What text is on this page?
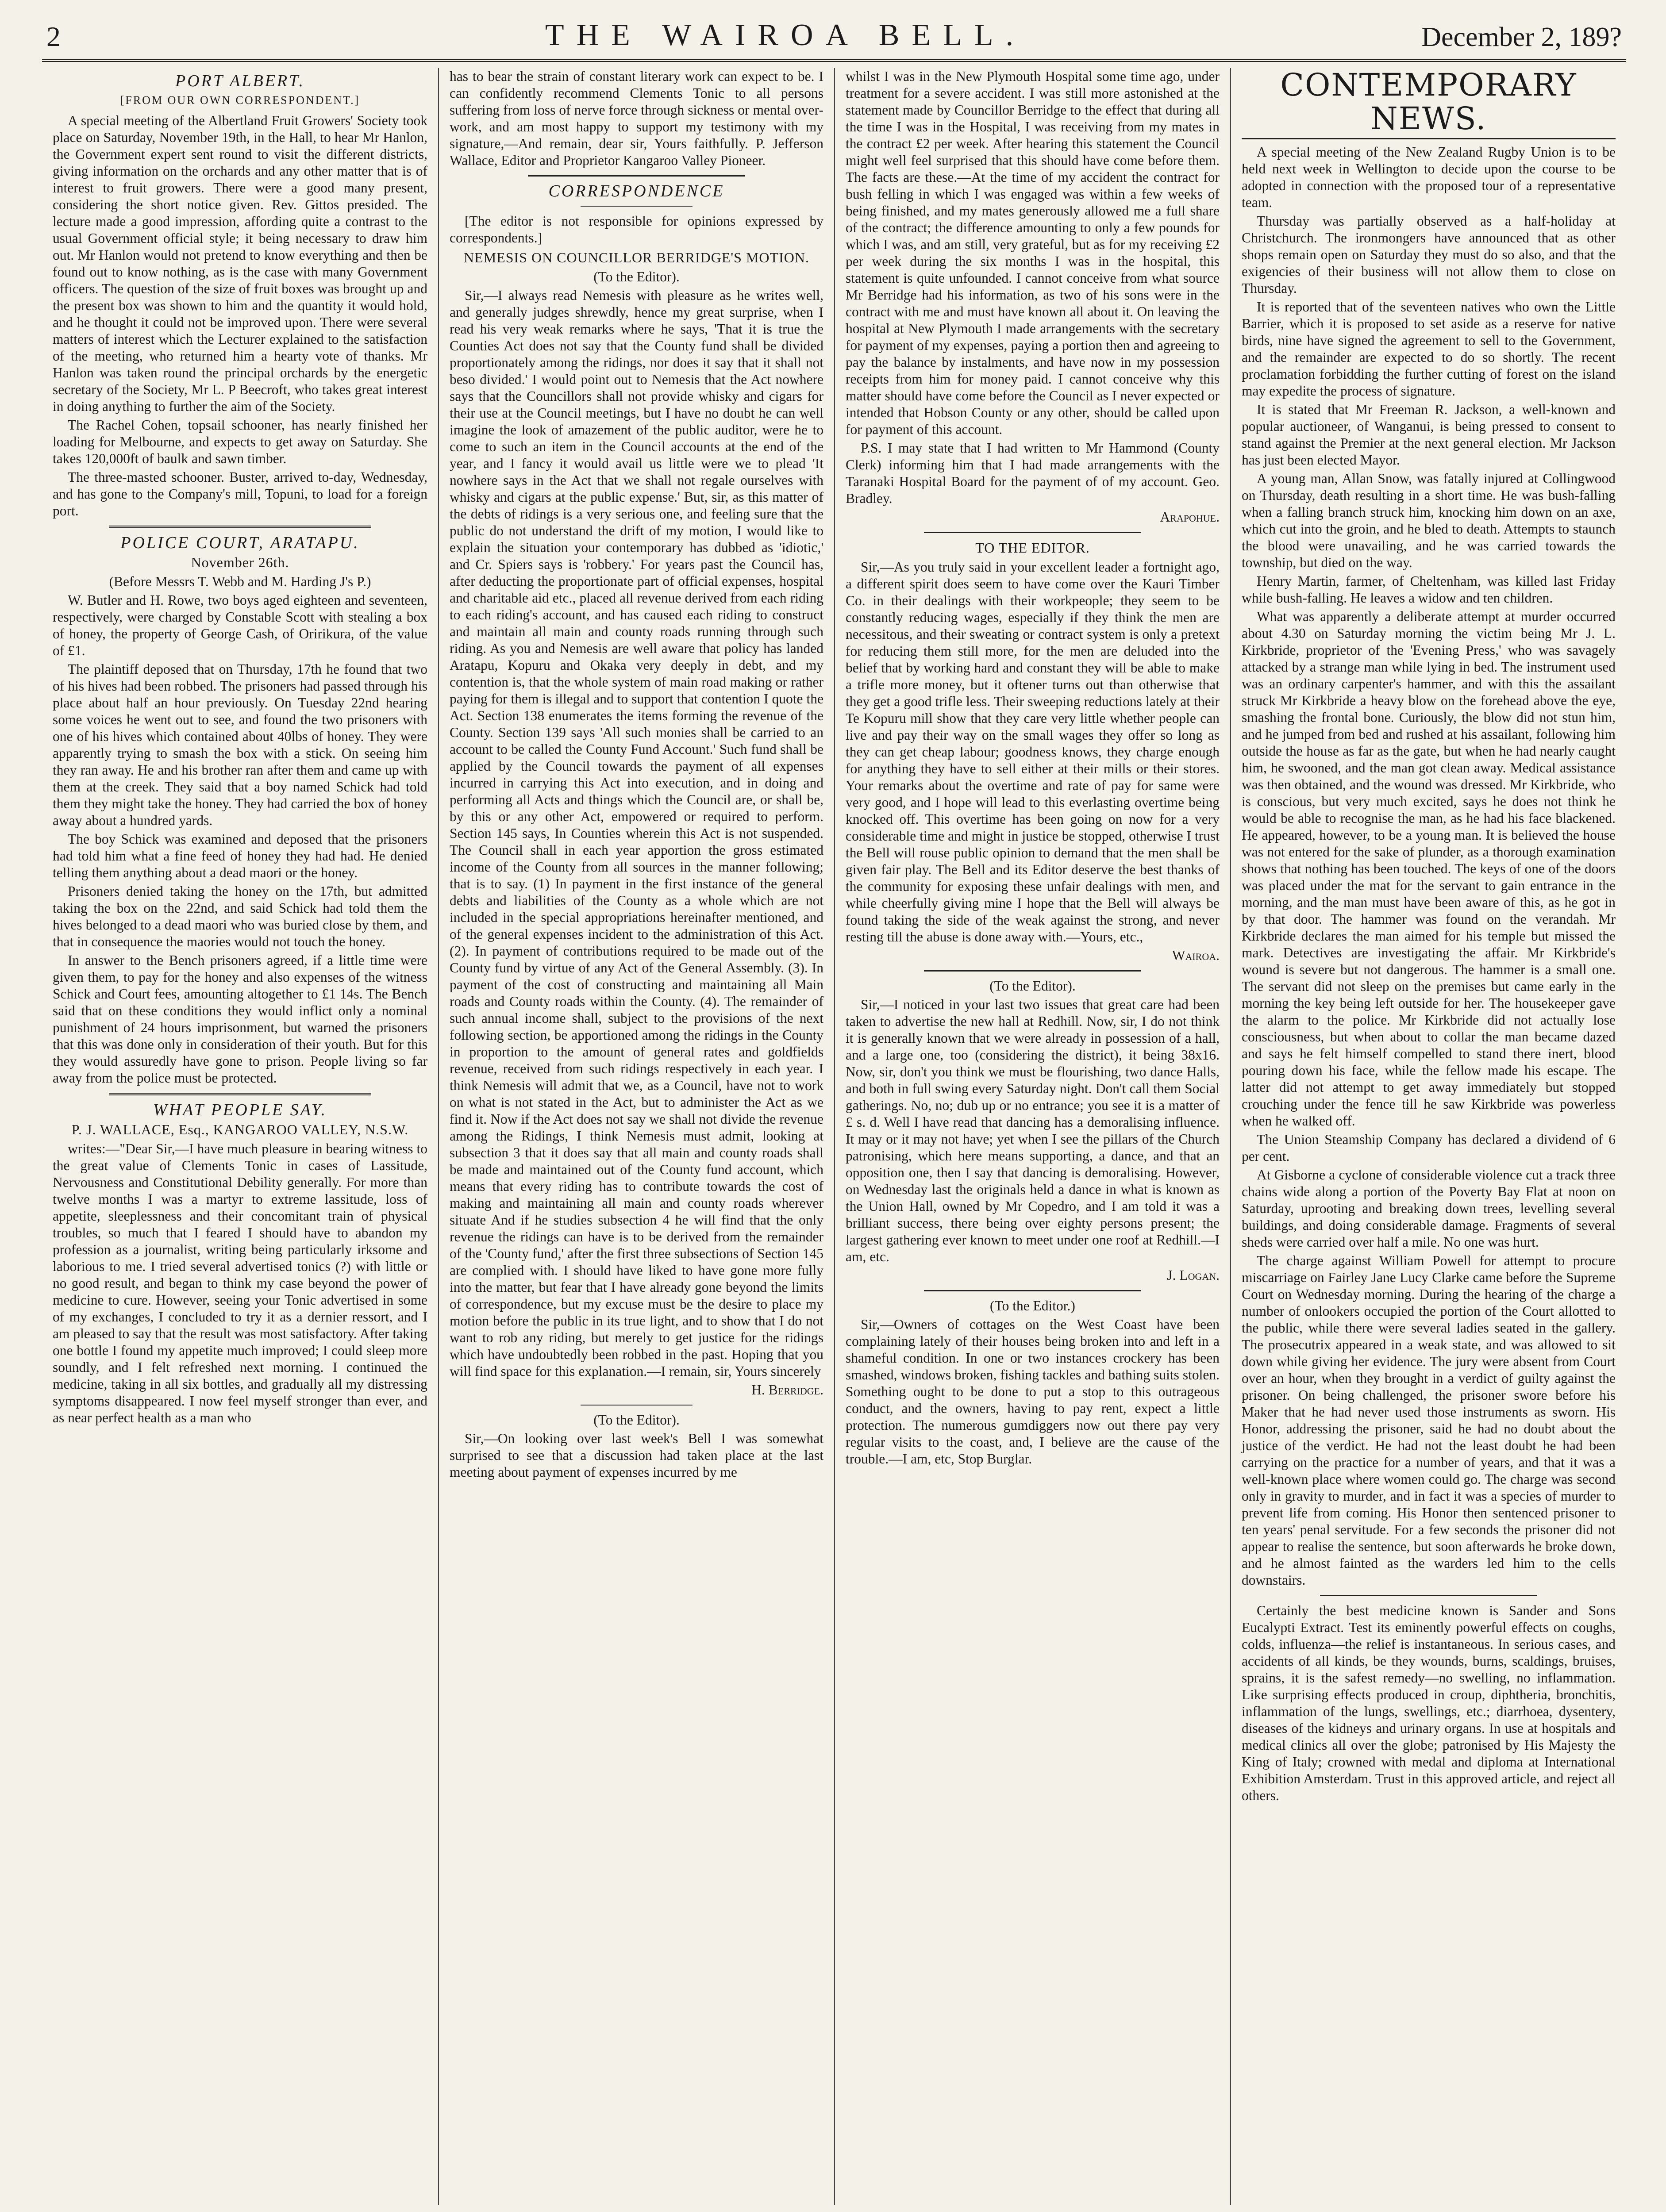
2	THE WAIROA BELL.	December 2, 189?
PORT ALBERT.
[FROM OUR OWN CORRESPONDENT.]

A special meeting of the Albertland Fruit Growers' Society took place on Saturday, November 19th, in the Hall, to hear Mr Hanlon, the Government expert sent round to visit the different districts, giving information on the orchards and any other matter that is of interest to fruit growers. There were a good many present, considering the short notice given. Rev. Gittos presided. The lecture made a good impression, affording quite a contrast to the usual Government official style; it being necessary to draw him out. Mr Hanlon would not pretend to know everything and then be found out to know nothing, as is the case with many Government officers. The question of the size of fruit boxes was brought up and the present box was shown to him and the quantity it would hold, and he thought it could not be improved upon. There were several matters of interest which the Lecturer explained to the satisfaction of the meeting, who returned him a hearty vote of thanks. Mr Hanlon was taken round the principal orchards by the energetic secretary of the Society, Mr L. P Beecroft, who takes great interest in doing anything to further the aim of the Society.

The Rachel Cohen, topsail schooner, has nearly finished her loading for Melbourne, and expects to get away on Saturday. She takes 120,000ft of baulk and sawn timber.

The three-masted schooner. Buster, arrived to-day, Wednesday, and has gone to the Company's mill, Topuni, to load for a foreign port.

POLICE COURT, ARATAPU.
November 26th.

(Before Messrs T. Webb and M. Harding J's P.)

W. Butler and H. Rowe, two boys aged eighteen and seventeen, respectively, were charged by Constable Scott with stealing a box of honey, the property of George Cash, of Oririkura, of the value of £1.

The plaintiff deposed that on Thursday, 17th he found that two of his hives had been robbed. The prisoners had passed through his place about half an hour previously. On Tuesday 22nd hearing some voices he went out to see, and found the two prisoners with one of his hives which contained about 40lbs of honey. They were apparently trying to smash the box with a stick. On seeing him they ran away. He and his brother ran after them and came up with them at the creek. They said that a boy named Schick had told them they might take the honey. They had carried the box of honey away about a hundred yards.

The boy Schick was examined and deposed that the prisoners had told him what a fine feed of honey they had had. He denied telling them anything about a dead maori or the honey.

Prisoners denied taking the honey on the 17th, but admitted taking the box on the 22nd, and said Schick had told them the hives belonged to a dead maori who was buried close by them, and that in consequence the maories would not touch the honey.

In answer to the Bench prisoners agreed, if a little time were given them, to pay for the honey and also expenses of the witness Schick and Court fees, amounting altogether to £1 14s. The Bench said that on these conditions they would inflict only a nominal punishment of 24 hours imprisonment, but warned the prisoners that this was done only in consideration of their youth. But for this they would assuredly have gone to prison. People living so far away from the police must be protected.

WHAT PEOPLE SAY.
P. J. WALLACE, Esq., KANGAROO VALLEY, N.S.W.

writes:—"Dear Sir,—I have much pleasure in bearing witness to the great value of Clements Tonic in cases of Lassitude, Nervousness and Constitutional Debility generally. For more than twelve months I was a martyr to extreme lassitude, loss of appetite, sleeplessness and their concomitant train of physical troubles, so much that I feared I should have to abandon my profession as a journalist, writing being particularly irksome and laborious to me. I tried several advertised tonics (?) with little or no good result, and began to think my case beyond the power of medicine to cure. However, seeing your Tonic advertised in some of my exchanges, I concluded to try it as a dernier ressort, and I am pleased to say that the result was most satisfactory. After taking one bottle I found my appetite much improved; I could sleep more soundly, and I felt refreshed next morning. I continued the medicine, taking in all six bottles, and gradually all my distressing symptoms disappeared. I now feel myself stronger than ever, and as near perfect health as a man who

has to bear the strain of constant literary work can expect to be. I can confidently recommend Clements Tonic to all persons suffering from loss of nerve force through sickness or mental over-work, and am most happy to support my testimony with my signature,—And remain, dear sir, Yours faithfully. P. Jefferson Wallace, Editor and Proprietor Kangaroo Valley Pioneer.

CORRESPONDENCE

[The editor is not responsible for opinions expressed by correspondents.]

NEMESIS ON COUNCILLOR BERRIDGE'S MOTION.

(To the Editor).

Sir,—I always read Nemesis with pleasure as he writes well, and generally judges shrewdly, hence my great surprise, when I read his very weak remarks where he says, 'That it is true the Counties Act does not say that the County fund shall be divided proportionately among the ridings, nor does it say that it shall not beso divided.' I would point out to Nemesis that the Act nowhere says that the Councillors shall not provide whisky and cigars for their use at the Council meetings, but I have no doubt he can well imagine the look of amazement of the public auditor, were he to come to such an item in the Council accounts at the end of the year, and I fancy it would avail us little were we to plead 'It nowhere says in the Act that we shall not regale ourselves with whisky and cigars at the public expense.' But, sir, as this matter of the debts of ridings is a very serious one, and feeling sure that the public do not understand the drift of my motion, I would like to explain the situation your contemporary has dubbed as 'idiotic,' and Cr. Spiers says is 'robbery.' For years past the Council has, after deducting the proportionate part of official expenses, hospital and charitable aid etc., placed all revenue derived from each riding to each riding's account, and has caused each riding to construct and maintain all main and county roads running through such riding. As you and Nemesis are well aware that policy has landed Aratapu, Kopuru and Okaka very deeply in debt, and my contention is, that the whole system of main road making or rather paying for them is illegal and to support that contention I quote the Act. Section 138 enumerates the items forming the revenue of the County. Section 139 says 'All such monies shall be carried to an account to be called the County Fund Account.' Such fund shall be applied by the Council towards the payment of all expenses incurred in carrying this Act into execution, and in doing and performing all Acts and things which the Council are, or shall be, by this or any other Act, empowered or required to perform. Section 145 says, In Counties wherein this Act is not suspended. The Council shall in each year apportion the gross estimated income of the County from all sources in the manner following; that is to say. (1) In payment in the first instance of the general debts and liabilities of the County as a whole which are not included in the special appropriations hereinafter mentioned, and of the general expenses incident to the administration of this Act. (2). In payment of contributions required to be made out of the County fund by virtue of any Act of the General Assembly. (3). In payment of the cost of constructing and maintaining all Main roads and County roads within the County. (4). The remainder of such annual income shall, subject to the provisions of the next following section, be apportioned among the ridings in the County in proportion to the amount of general rates and goldfields revenue, received from such ridings respectively in each year. I think Nemesis will admit that we, as a Council, have not to work on what is not stated in the Act, but to administer the Act as we find it. Now if the Act does not say we shall not divide the revenue among the Ridings, I think Nemesis must admit, looking at subsection 3 that it does say that all main and county roads shall be made and maintained out of the County fund account, which means that every riding has to contribute towards the cost of making and maintaining all main and county roads wherever situate And if he studies subsection 4 he will find that the only revenue the ridings can have is to be derived from the remainder of the 'County fund,' after the first three subsections of Section 145 are complied with. I should have liked to have gone more fully into the matter, but fear that I have already gone beyond the limits of correspondence, but my excuse must be the desire to place my motion before the public in its true light, and to show that I do not want to rob any riding, but merely to get justice for the ridings which have undoubtedly been robbed in the past. Hoping that you will find space for this explanation.—I remain, sir, Yours sincerely

H. Berridge.

(To the Editor).

Sir,—On looking over last week's Bell I was somewhat surprised to see that a discussion had taken place at the last meeting about payment of expenses incurred by me

whilst I was in the New Plymouth Hospital some time ago, under treatment for a severe accident. I was still more astonished at the statement made by Councillor Berridge to the effect that during all the time I was in the Hospital, I was receiving from my mates in the contract £2 per week. After hearing this statement the Council might well feel surprised that this should have come before them. The facts are these.—At the time of my accident the contract for bush felling in which I was engaged was within a few weeks of being finished, and my mates generously allowed me a full share of the contract; the difference amounting to only a few pounds for which I was, and am still, very grateful, but as for my receiving £2 per week during the six months I was in the hospital, this statement is quite unfounded. I cannot conceive from what source Mr Berridge had his information, as two of his sons were in the contract with me and must have known all about it. On leaving the hospital at New Plymouth I made arrangements with the secretary for payment of my expenses, paying a portion then and agreeing to pay the balance by instalments, and have now in my possession receipts from him for money paid. I cannot conceive why this matter should have come before the Council as I never expected or intended that Hobson County or any other, should be called upon for payment of this account.

P.S. I may state that I had written to Mr Hammond (County Clerk) informing him that I had made arrangements with the Taranaki Hospital Board for the payment of of my account. Geo. Bradley.

Arapohue.
TO THE EDITOR.

Sir,—As you truly said in your excellent leader a fortnight ago, a different spirit does seem to have come over the Kauri Timber Co. in their dealings with their workpeople; they seem to be constantly reducing wages, especially if they think the men are necessitous, and their sweating or contract system is only a pretext for reducing them still more, for the men are deluded into the belief that by working hard and constant they will be able to make a trifle more money, but it oftener turns out than otherwise that they get a good trifle less. Their sweeping reductions lately at their Te Kopuru mill show that they care very little whether people can live and pay their way on the small wages they offer so long as they can get cheap labour; goodness knows, they charge enough for anything they have to sell either at their mills or their stores. Your remarks about the overtime and rate of pay for same were very good, and I hope will lead to this everlasting overtime being knocked off. This overtime has been going on now for a very considerable time and might in justice be stopped, otherwise I trust the Bell will rouse public opinion to demand that the men shall be given fair play. The Bell and its Editor deserve the best thanks of the community for exposing these unfair dealings with men, and while cheerfully giving mine I hope that the Bell will always be found taking the side of the weak against the strong, and never resting till the abuse is done away with.—Yours, etc.,

Wairoa.

(To the Editor).

Sir,—I noticed in your last two issues that great care had been taken to advertise the new hall at Redhill. Now, sir, I do not think it is generally known that we were already in possession of a hall, and a large one, too (considering the district), it being 38x16. Now, sir, don't you think we must be flourishing, two dance Halls, and both in full swing every Saturday night. Don't call them Social gatherings. No, no; dub up or no entrance; you see it is a matter of £ s. d. Well I have read that dancing has a demoralising influence. It may or it may not have; yet when I see the pillars of the Church patronising, which here means supporting, a dance, and that an opposition one, then I say that dancing is demoralising. However, on Wednesday last the originals held a dance in what is known as the Union Hall, owned by Mr Copedro, and I am told it was a brilliant success, there being over eighty persons present; the largest gathering ever known to meet under one roof at Redhill.—I am, etc.

J. Logan.

(To the Editor.)

Sir,—Owners of cottages on the West Coast have been complaining lately of their houses being broken into and left in a shameful condition. In one or two instances crockery has been smashed, windows broken, fishing tackles and bathing suits stolen. Something ought to be done to put a stop to this outrageous conduct, and the owners, having to pay rent, expect a little protection. The numerous gumdiggers now out there pay very regular visits to the coast, and, I believe are the cause of the trouble.—I am, etc, Stop Burglar.

CONTEMPORARY NEWS.

A special meeting of the New Zealand Rugby Union is to be held next week in Wellington to decide upon the course to be adopted in connection with the proposed tour of a representative team.

Thursday was partially observed as a half-holiday at Christchurch. The ironmongers have announced that as other shops remain open on Saturday they must do so also, and that the exigencies of their business will not allow them to close on Thursday.

It is reported that of the seventeen natives who own the Little Barrier, which it is proposed to set aside as a reserve for native birds, nine have signed the agreement to sell to the Government, and the remainder are expected to do so shortly. The recent proclamation forbidding the further cutting of forest on the island may expedite the process of signature.

It is stated that Mr Freeman R. Jackson, a well-known and popular auctioneer, of Wanganui, is being pressed to consent to stand against the Premier at the next general election. Mr Jackson has just been elected Mayor.

A young man, Allan Snow, was fatally injured at Collingwood on Thursday, death resulting in a short time. He was bush-falling when a falling branch struck him, knocking him down on an axe, which cut into the groin, and he bled to death. Attempts to staunch the blood were unavailing, and he was carried towards the township, but died on the way.

Henry Martin, farmer, of Cheltenham, was killed last Friday while bush-falling. He leaves a widow and ten children.

What was apparently a deliberate attempt at murder occurred about 4.30 on Saturday morning the victim being Mr J. L. Kirkbride, proprietor of the 'Evening Press,' who was savagely attacked by a strange man while lying in bed. The instrument used was an ordinary carpenter's hammer, and with this the assailant struck Mr Kirkbride a heavy blow on the forehead above the eye, smashing the frontal bone. Curiously, the blow did not stun him, and he jumped from bed and rushed at his assailant, following him outside the house as far as the gate, but when he had nearly caught him, he swooned, and the man got clean away. Medical assistance was then obtained, and the wound was dressed. Mr Kirkbride, who is conscious, but very much excited, says he does not think he would be able to recognise the man, as he had his face blackened. He appeared, however, to be a young man. It is believed the house was not entered for the sake of plunder, as a thorough examination shows that nothing has been touched. The keys of one of the doors was placed under the mat for the servant to gain entrance in the morning, and the man must have been aware of this, as he got in by that door. The hammer was found on the verandah. Mr Kirkbride declares the man aimed for his temple but missed the mark. Detectives are investigating the affair. Mr Kirkbride's wound is severe but not dangerous. The hammer is a small one. The servant did not sleep on the premises but came early in the morning the key being left outside for her. The housekeeper gave the alarm to the police. Mr Kirkbride did not actually lose consciousness, but when about to collar the man became dazed and says he felt himself compelled to stand there inert, blood pouring down his face, while the fellow made his escape. The latter did not attempt to get away immediately but stopped crouching under the fence till he saw Kirkbride was powerless when he walked off.

The Union Steamship Company has declared a dividend of 6 per cent.

At Gisborne a cyclone of considerable violence cut a track three chains wide along a portion of the Poverty Bay Flat at noon on Saturday, uprooting and breaking down trees, levelling several buildings, and doing considerable damage. Fragments of several sheds were carried over half a mile. No one was hurt.

The charge against William Powell for attempt to procure miscarriage on Fairley Jane Lucy Clarke came before the Supreme Court on Wednesday morning. During the hearing of the charge a number of onlookers occupied the portion of the Court allotted to the public, while there were several ladies seated in the gallery. The prosecutrix appeared in a weak state, and was allowed to sit down while giving her evidence. The jury were absent from Court over an hour, when they brought in a verdict of guilty against the prisoner. On being challenged, the prisoner swore before his Maker that he had never used those instruments as sworn. His Honor, addressing the prisoner, said he had no doubt about the justice of the verdict. He had not the least doubt he had been carrying on the practice for a number of years, and that it was a well-known place where women could go. The charge was second only in gravity to murder, and in fact it was a species of murder to prevent life from coming. His Honor then sentenced prisoner to ten years' penal servitude. For a few seconds the prisoner did not appear to realise the sentence, but soon afterwards he broke down, and he almost fainted as the warders led him to the cells downstairs.

Certainly the best medicine known is Sander and Sons Eucalypti Extract. Test its eminently powerful effects on coughs, colds, influenza—the relief is instantaneous. In serious cases, and accidents of all kinds, be they wounds, burns, scaldings, bruises, sprains, it is the safest remedy—no swelling, no inflammation. Like surprising effects produced in croup, diphtheria, bronchitis, inflammation of the lungs, swellings, etc.; diarrhoea, dysentery, diseases of the kidneys and urinary organs. In use at hospitals and medical clinics all over the globe; patronised by His Majesty the King of Italy; crowned with medal and diploma at International Exhibition Amsterdam. Trust in this approved article, and reject all others.
